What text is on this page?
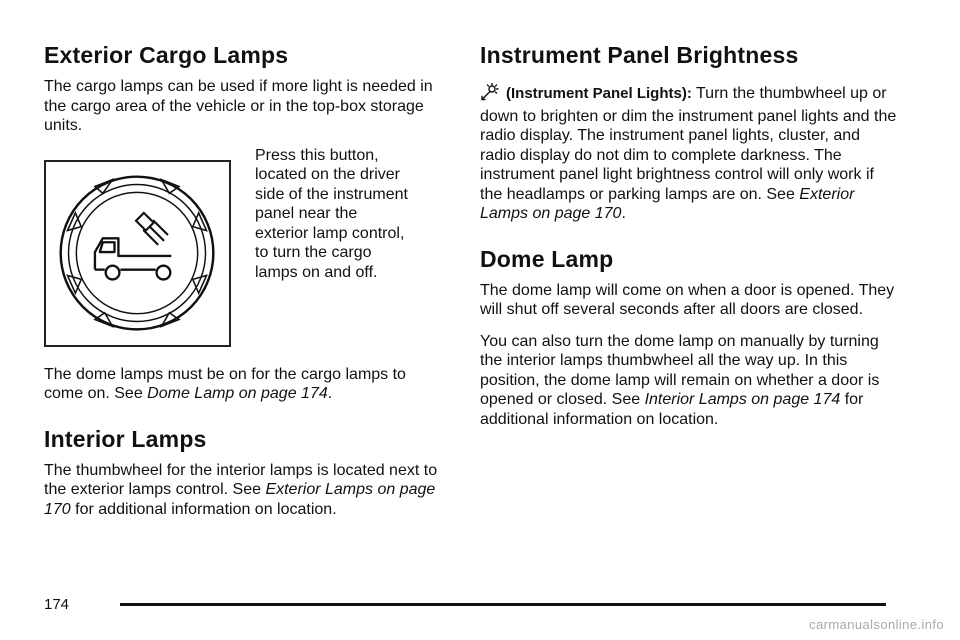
Exterior Cargo Lamps

The cargo lamps can be used if more light is needed in the cargo area of the vehicle or in the top-box storage units.

Press this button, located on the driver side of the instrument panel near the exterior lamp control, to turn the cargo lamps on and off.

The dome lamps must be on for the cargo lamps to come on. See Dome Lamp on page 174.

Interior Lamps

The thumbwheel for the interior lamps is located next to the exterior lamps control. See Exterior Lamps on page 170 for additional information on location.

Instrument Panel Brightness

(Instrument Panel Lights): Turn the thumbwheel up or down to brighten or dim the instrument panel lights and the radio display. The instrument panel lights, cluster, and radio display do not dim to complete darkness. The instrument panel light brightness control will only work if the headlamps or parking lamps are on. See Exterior Lamps on page 170.

Dome Lamp

The dome lamp will come on when a door is opened. They will shut off several seconds after all doors are closed.

You can also turn the dome lamp on manually by turning the interior lamps thumbwheel all the way up. In this position, the dome lamp will remain on whether a door is opened or closed. See Interior Lamps on page 174 for additional information on location.

174
carmanualsonline.info
